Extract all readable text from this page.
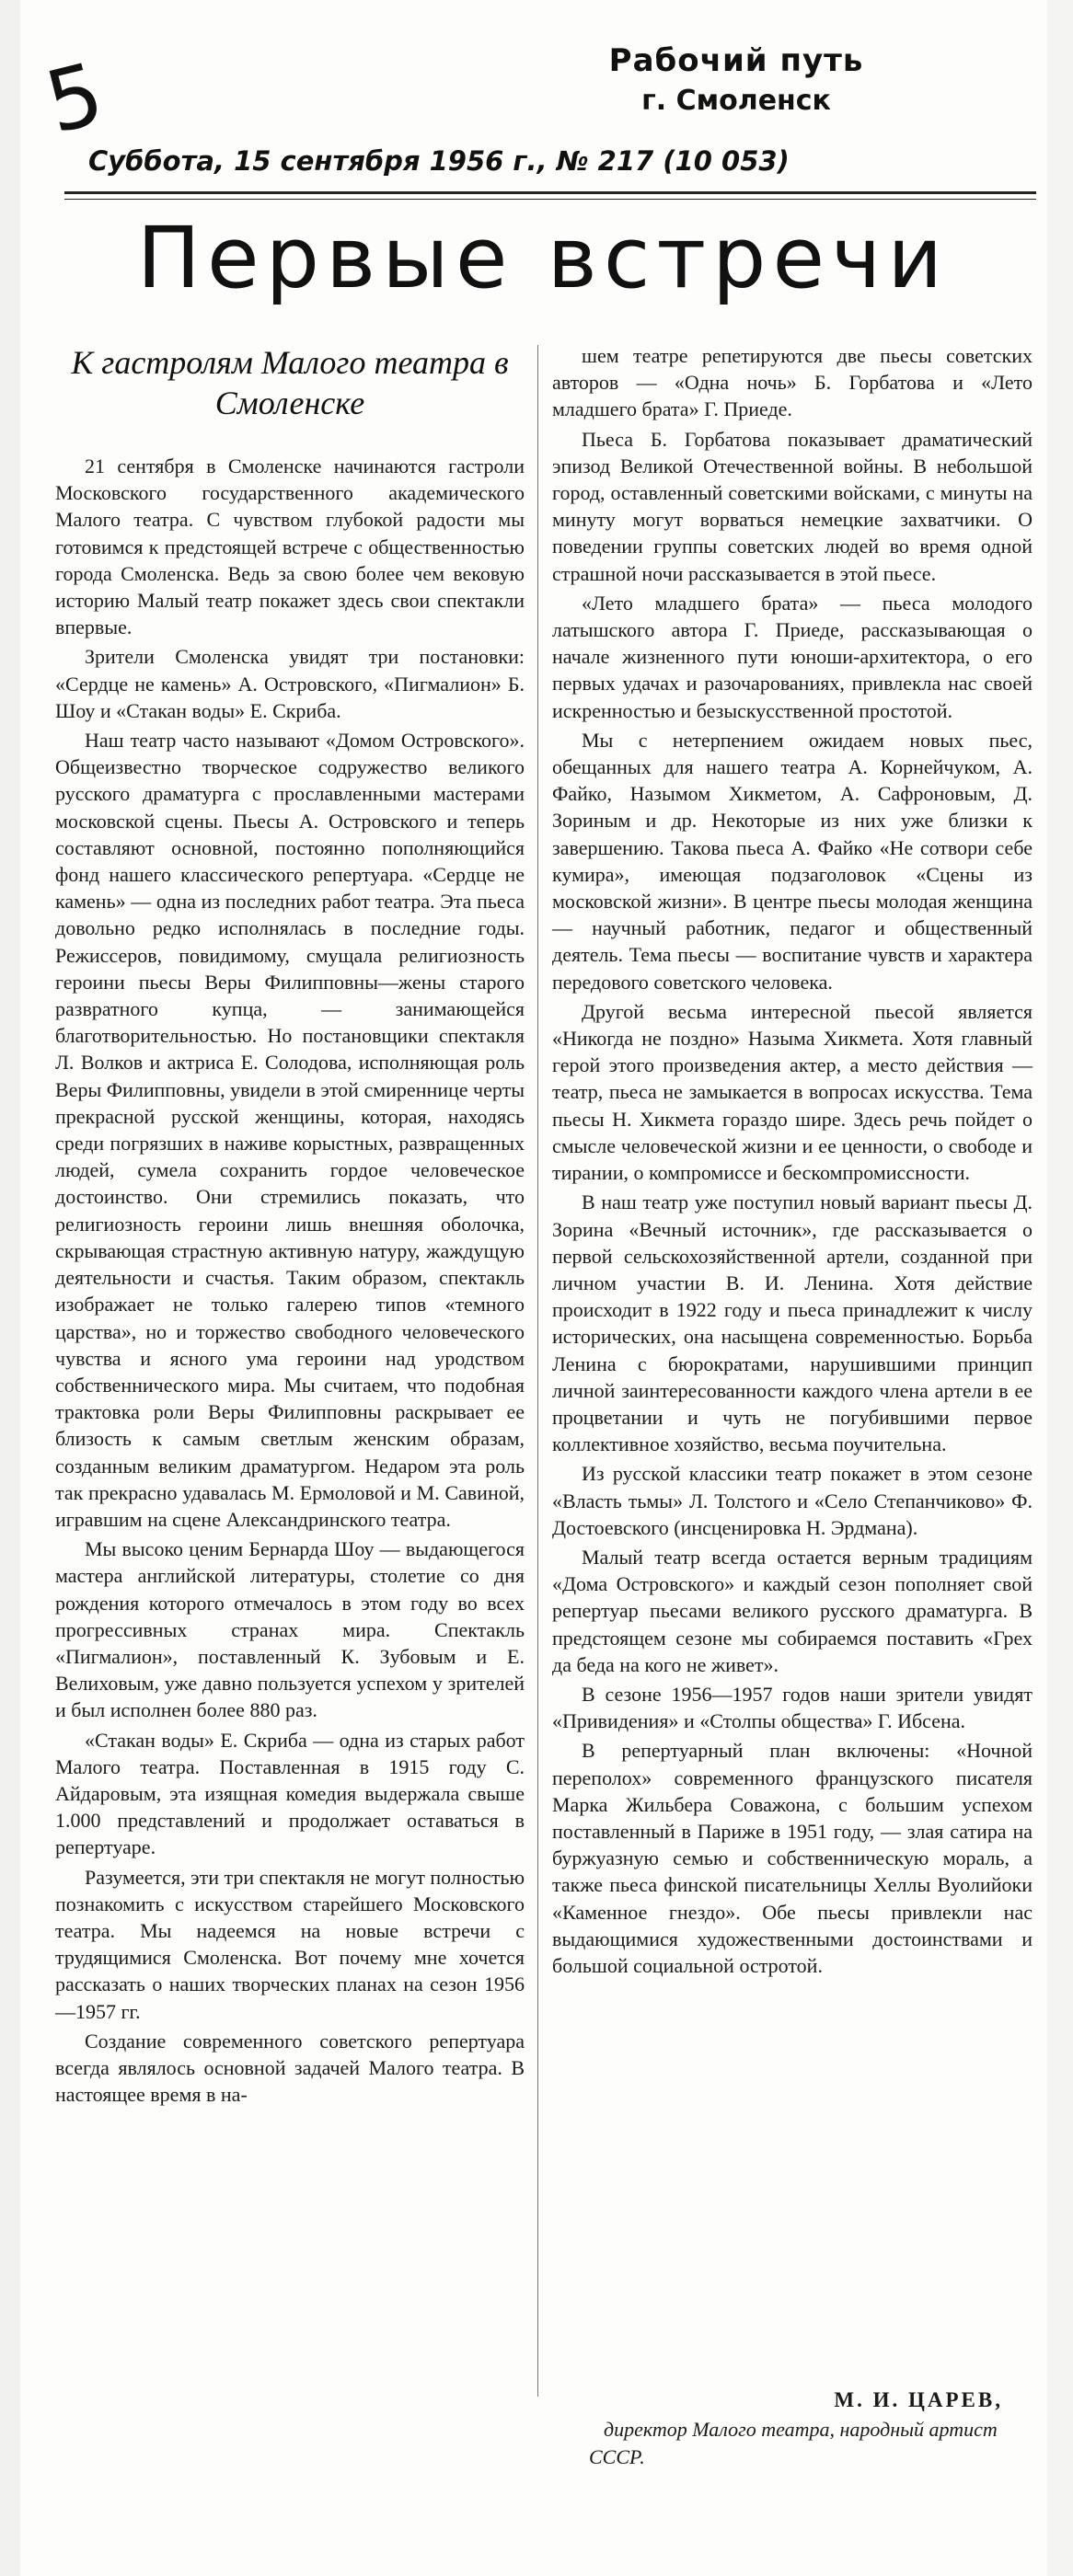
5	Рабочий путь
г. Смоленск
Суббота, 15 сентября 1956 г., № 217 (10 053)
Первые встречи
К гастролям Малого театра в Смоленске

21 сентября в Смоленске начинаются гастроли Московского государственного академического Малого театра. С чувством глубокой радости мы готовимся к предстоящей встрече с общественностью города Смоленска. Ведь за свою более чем вековую историю Малый театр покажет здесь свои спектакли впервые.

Зрители Смоленска увидят три постановки: «Сердце не камень» А. Островского, «Пигмалион» Б. Шоу и «Стакан воды» Е. Скриба.

Наш театр часто называют «Домом Островского». Общеизвестно творческое содружество великого русского драматурга с прославленными мастерами московской сцены. Пьесы А. Островского и теперь составляют основной, постоянно пополняющийся фонд нашего классического репертуара. «Сердце не камень» — одна из последних работ театра. Эта пьеса довольно редко исполнялась в последние годы. Режиссеров, повидимому, смущала религиозность героини пьесы Веры Филипповны—жены старого развратного купца, — занимающейся благотворительностью. Но постановщики спектакля Л. Волков и актриса Е. Солодова, исполняющая роль Веры Филипповны, увидели в этой смиреннице черты прекрасной русской женщины, которая, находясь среди погрязших в наживе корыстных, развращенных людей, сумела сохранить гордое человеческое достоинство. Они стремились показать, что религиозность героини лишь внешняя оболочка, скрывающая страстную активную натуру, жаждущую деятельности и счастья. Таким образом, спектакль изображает не только галерею типов «темного царства», но и торжество свободного человеческого чувства и ясного ума героини над уродством собственнического мира. Мы считаем, что подобная трактовка роли Веры Филипповны раскрывает ее близость к самым светлым женским образам, созданным великим драматургом. Недаром эта роль так прекрасно удавалась М. Ермоловой и М. Савиной, игравшим на сцене Александринского театра.

Мы высоко ценим Бернарда Шоу — выдающегося мастера английской литературы, столетие со дня рождения которого отмечалось в этом году во всех прогрессивных странах мира. Спектакль «Пигмалион», поставленный К. Зубовым и Е. Велиховым, уже давно пользуется успехом у зрителей и был исполнен более 880 раз.

«Стакан воды» Е. Скриба — одна из старых работ Малого театра. Поставленная в 1915 году С. Айдаровым, эта изящная комедия выдержала свыше 1.000 представлений и продолжает оставаться в репертуаре.

Разумеется, эти три спектакля не могут полностью познакомить с искусством старейшего Московского театра. Мы надеемся на новые встречи с трудящимися Смоленска. Вот почему мне хочется рассказать о наших творческих планах на сезон 1956—1957 гг.

Создание современного советского репертуара всегда являлось основной задачей Малого театра. В настоящее время в на-

шем театре репетируются две пьесы советских авторов — «Одна ночь» Б. Горбатова и «Лето младшего брата» Г. Приеде.

Пьеса Б. Горбатова показывает драматический эпизод Великой Отечественной войны. В небольшой город, оставленный советскими войсками, с минуты на минуту могут ворваться немецкие захватчики. О поведении группы советских людей во время одной страшной ночи рассказывается в этой пьесе.

«Лето младшего брата» — пьеса молодого латышского автора Г. Приеде, рассказывающая о начале жизненного пути юноши-архитектора, о его первых удачах и разочарованиях, привлекла нас своей искренностью и безыскусственной простотой.

Мы с нетерпением ожидаем новых пьес, обещанных для нашего театра А. Корнейчуком, А. Файко, Назымом Хикметом, А. Сафроновым, Д. Зориным и др. Некоторые из них уже близки к завершению. Такова пьеса А. Файко «Не сотвори себе кумира», имеющая подзаголовок «Сцены из московской жизни». В центре пьесы молодая женщина — научный работник, педагог и общественный деятель. Тема пьесы — воспитание чувств и характера передового советского человека.

Другой весьма интересной пьесой является «Никогда не поздно» Назыма Хикмета. Хотя главный герой этого произведения актер, а место действия — театр, пьеса не замыкается в вопросах искусства. Тема пьесы Н. Хикмета гораздо шире. Здесь речь пойдет о смысле человеческой жизни и ее ценности, о свободе и тирании, о компромиссе и бескомпромиссности.

В наш театр уже поступил новый вариант пьесы Д. Зорина «Вечный источник», где рассказывается о первой сельскохозяйственной артели, созданной при личном участии В. И. Ленина. Хотя действие происходит в 1922 году и пьеса принадлежит к числу исторических, она насыщена современностью. Борьба Ленина с бюрократами, нарушившими принцип личной заинтересованности каждого члена артели в ее процветании и чуть не погубившими первое коллективное хозяйство, весьма поучительна.

Из русской классики театр покажет в этом сезоне «Власть тьмы» Л. Толстого и «Село Степанчиково» Ф. Достоевского (инсценировка Н. Эрдмана).

Малый театр всегда остается верным традициям «Дома Островского» и каждый сезон пополняет свой репертуар пьесами великого русского драматурга. В предстоящем сезоне мы собираемся поставить «Грех да беда на кого не живет».

В сезоне 1956—1957 годов наши зрители увидят «Привидения» и «Столпы общества» Г. Ибсена.

В репертуарный план включены: «Ночной переполох» современного французского писателя Марка Жильбера Соважона, с большим успехом поставленный в Париже в 1951 году, — злая сатира на буржуазную семью и собственническую мораль, а также пьеса финской писательницы Хеллы Вуолийоки «Каменное гнездо». Обе пьесы привлекли нас выдающимися художественными достоинствами и большой социальной остротой.

М. И. ЦАРЕВ,
директор Малого театра, народный артист СССР.
